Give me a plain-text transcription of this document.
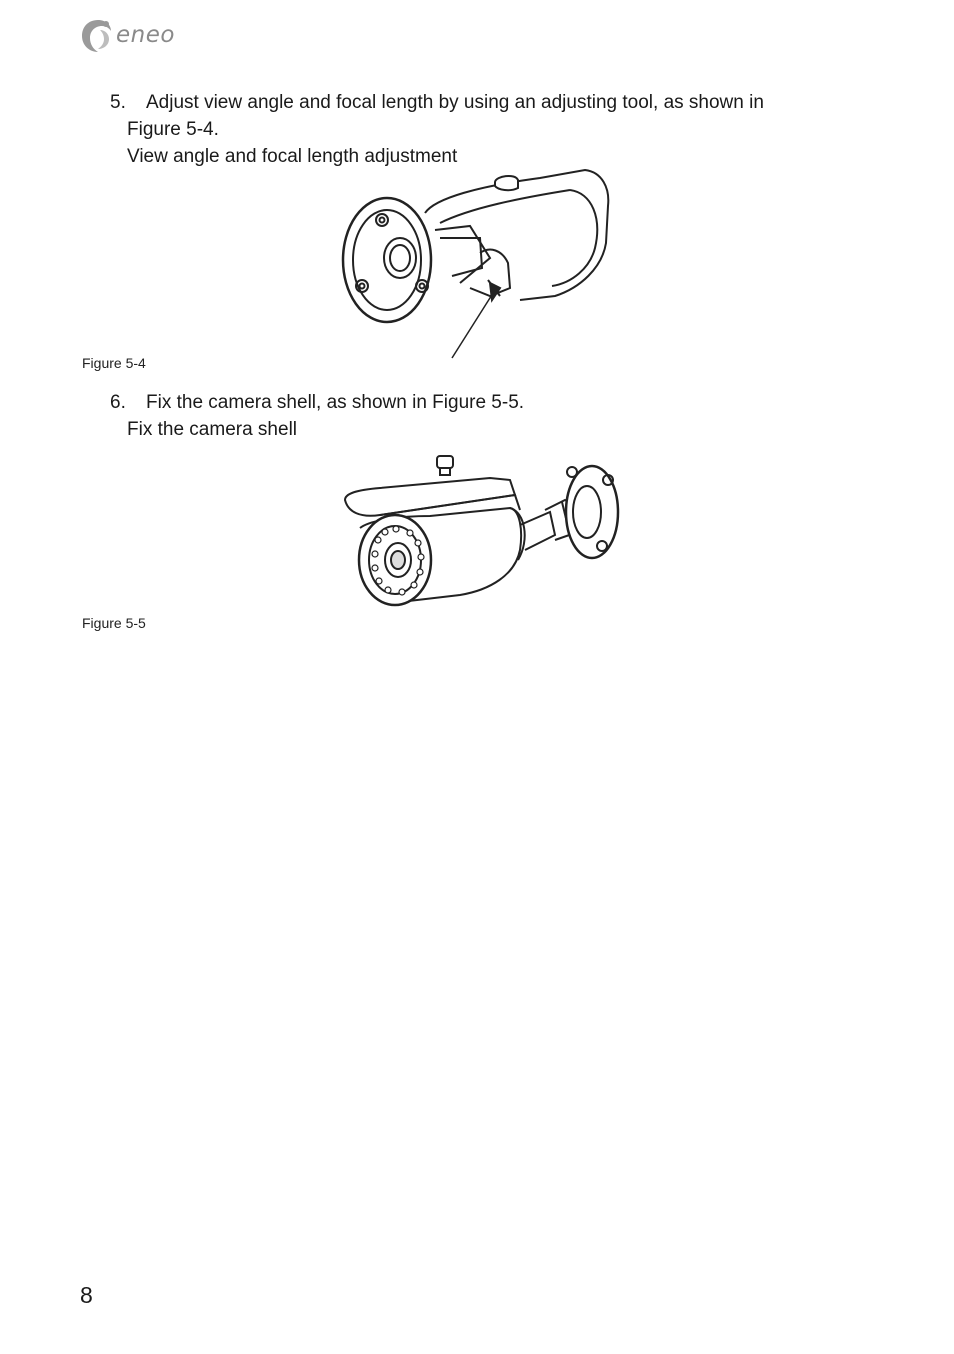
eneo
5. Adjust view angle and focal length by using an adjusting tool, as shown in
Figure 5-4.
View angle and focal length adjustment
Figure 5-4
6. Fix the camera shell, as shown in Figure 5-5.
Fix the camera shell
Figure 5-5
8
